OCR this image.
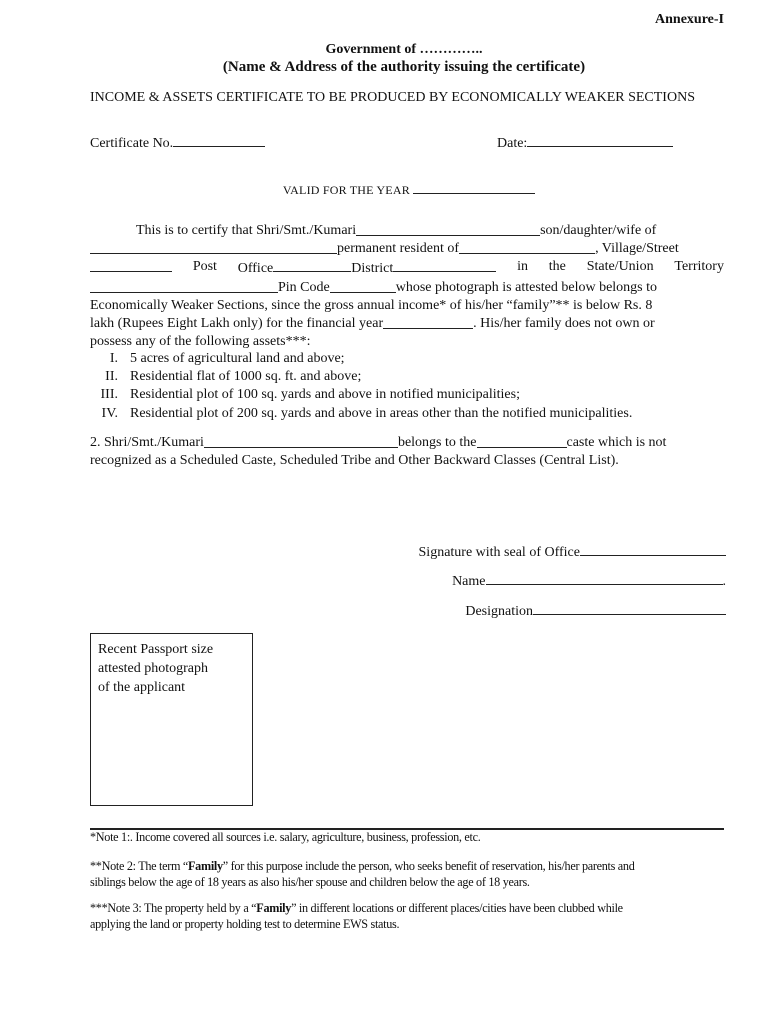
Annexure-I
Government of …………..
(Name & Address of the authority issuing the certificate)
INCOME & ASSETS CERTIFICATE TO BE PRODUCED BY ECONOMICALLY WEAKER SECTIONS
Certificate No.	Date:
VALID FOR THE YEAR
This is to certify that Shri/Smt./Kumari	son/daughter/wife of
permanent resident of	, Village/Street
Post Office	District	in the State/Union Territory
Pin Code	whose photograph is attested below belongs to
Economically Weaker Sections, since the gross annual income* of his/her “family”** is below Rs. 8
lakh (Rupees Eight Lakh only) for the financial year	. His/her family does not own or
possess any of the following assets***:
I. 5 acres of agricultural land and above;
II. Residential flat of 1000 sq. ft. and above;
III. Residential plot of 100 sq. yards and above in notified municipalities;
IV. Residential plot of 200 sq. yards and above in areas other than the notified municipalities.
2. Shri/Smt./Kumari	belongs to the	caste which is not
recognized as a Scheduled Caste, Scheduled Tribe and Other Backward Classes (Central List).
Signature with seal of Office
Name	.
Designation
Recent Passport size
attested photograph
of the applicant
*Note 1:. Income covered all sources i.e. salary, agriculture, business, profession, etc.
**Note 2: The term “Family” for this purpose include the person, who seeks benefit of reservation, his/her parents and
siblings below the age of 18 years as also his/her spouse and children below the age of 18 years.
***Note 3: The property held by a “Family” in different locations or different places/cities have been clubbed while
applying the land or property holding test to determine EWS status.
